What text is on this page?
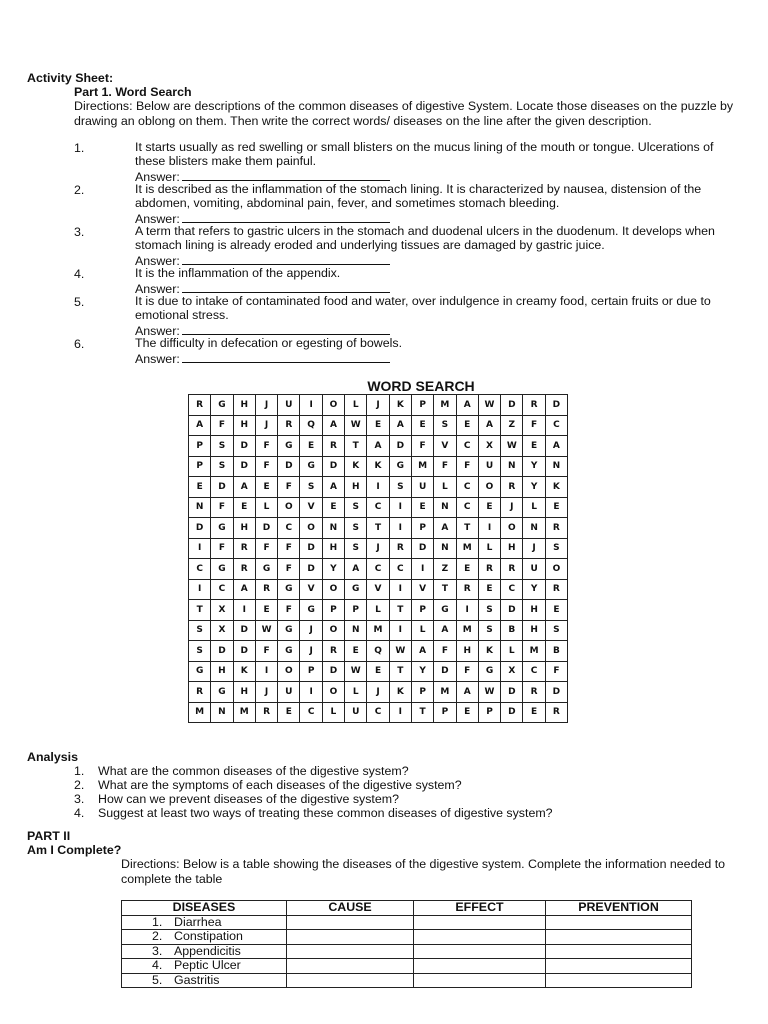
Activity Sheet:
Part 1. Word Search
Directions: Below are descriptions of the common diseases of digestive System. Locate those diseases on the puzzle by drawing an oblong on them. Then write the correct words/ diseases on the line after the given description.
1.	It starts usually as red swelling or small blisters on the mucus lining of the mouth or tongue. Ulcerations of these blisters make them painful.
Answer:
2.	It is described as the inflammation of the stomach lining. It is characterized by nausea, distension of the abdomen, vomiting, abdominal pain, fever, and sometimes stomach bleeding.
Answer:
3.	A term that refers to gastric ulcers in the stomach and duodenal ulcers in the duodenum. It develops when stomach lining is already eroded and underlying tissues are damaged by gastric juice.
Answer:
4.	It is the inflammation of the appendix.
Answer:
5.	It is due to intake of contaminated food and water, over indulgence in creamy food, certain fruits or due to emotional stress.
Answer:
6.	The difficulty in defecation or egesting of bowels.
Answer:
WORD SEARCH
R	G	H	J	U	I	O	L	J	K	P	M	A	W	D	R	D
A	F	H	J	R	Q	A	W	E	A	E	S	E	A	Z	F	C
P	S	D	F	G	E	R	T	A	D	F	V	C	X	W	E	A
P	S	D	F	D	G	D	K	K	G	M	F	F	U	N	Y	N
E	D	A	E	F	S	A	H	I	S	U	L	C	O	R	Y	K
N	F	E	L	O	V	E	S	C	I	E	N	C	E	J	L	E
D	G	H	D	C	O	N	S	T	I	P	A	T	I	O	N	R
I	F	R	F	F	D	H	S	J	R	D	N	M	L	H	J	S
C	G	R	G	F	D	Y	A	C	C	I	Z	E	R	R	U	O
I	C	A	R	G	V	O	G	V	I	V	T	R	E	C	Y	R
T	X	I	E	F	G	P	P	L	T	P	G	I	S	D	H	E
S	X	D	W	G	J	O	N	M	I	L	A	M	S	B	H	S
S	D	D	F	G	J	R	E	Q	W	A	F	H	K	L	M	B
G	H	K	I	O	P	D	W	E	T	Y	D	F	G	X	C	F
R	G	H	J	U	I	O	L	J	K	P	M	A	W	D	R	D
M	N	M	R	E	C	L	U	C	I	T	P	E	P	D	E	R
Analysis
1. What are the common diseases of the digestive system?
2. What are the symptoms of each diseases of the digestive system?
3. How can we prevent diseases of the digestive system?
4. Suggest at least two ways of treating these common diseases of digestive system?
PART II
Am I Complete?
Directions: Below is a table showing the diseases of the digestive system. Complete the information needed to complete the table
DISEASES	CAUSE	EFFECT	PREVENTION
1. Diarrhea			
2. Constipation			
3. Appendicitis			
4. Peptic Ulcer			
5. Gastritis			
